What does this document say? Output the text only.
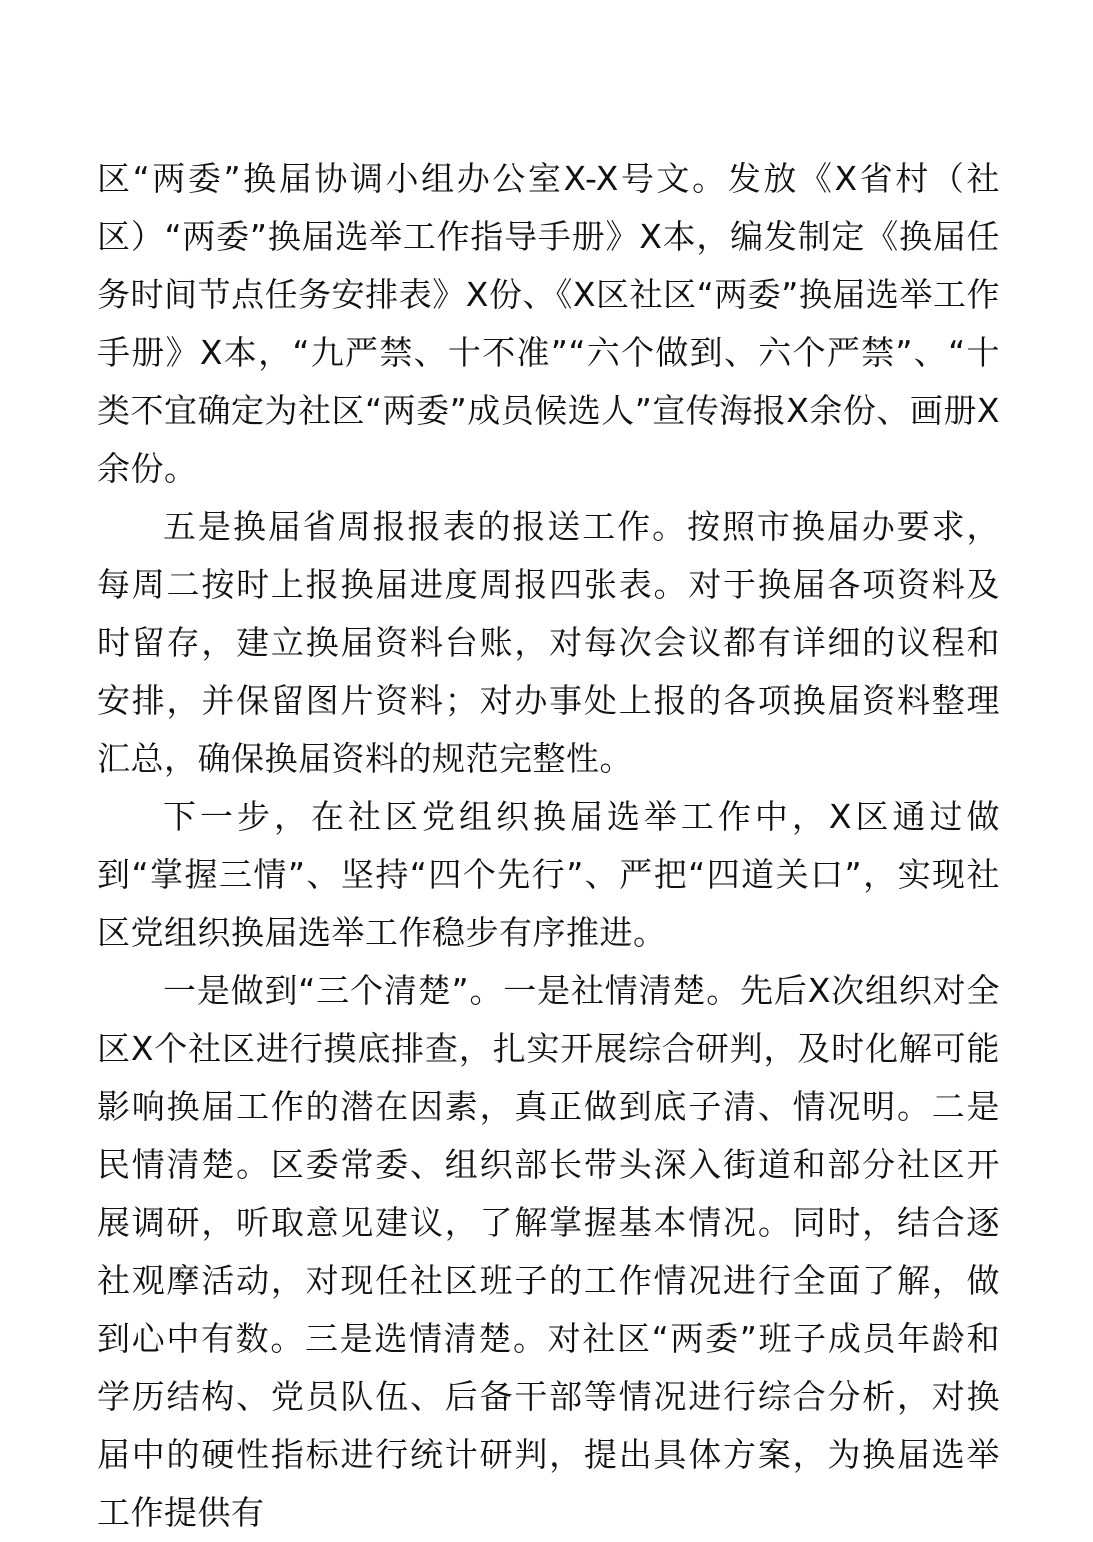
区“两委”换届协调小组办公室X-X号文。发放《X省村（社区）“两委”换届选举工作指导手册》X本，编发制定《换届任务时间节点任务安排表》X份、《X区社区“两委”换届选举工作手册》X本，“九严禁、十不准”“六个做到、六个严禁”、“十类不宜确定为社区“两委”成员候选人”宣传海报X余份、画册X余份。

五是换届省周报报表的报送工作。按照市换届办要求，每周二按时上报换届进度周报四张表。对于换届各项资料及时留存，建立换届资料台账，对每次会议都有详细的议程和安排，并保留图片资料；对办事处上报的各项换届资料整理汇总，确保换届资料的规范完整性。

下一步，在社区党组织换届选举工作中，X区通过做到“掌握三情”、坚持“四个先行”、严把“四道关口”，实现社区党组织换届选举工作稳步有序推进。

一是做到“三个清楚”。一是社情清楚。先后X次组织对全区X个社区进行摸底排查，扎实开展综合研判，及时化解可能影响换届工作的潜在因素，真正做到底子清、情况明。二是民情清楚。区委常委、组织部长带头深入街道和部分社区开展调研，听取意见建议，了解掌握基本情况。同时，结合逐社观摩活动，对现任社区班子的工作情况进行全面了解，做到心中有数。三是选情清楚。对社区“两委”班子成员年龄和学历结构、党员队伍、后备干部等情况进行综合分析，对换届中的硬性指标进行统计研判，提出具体方案，为换届选举工作提供有
